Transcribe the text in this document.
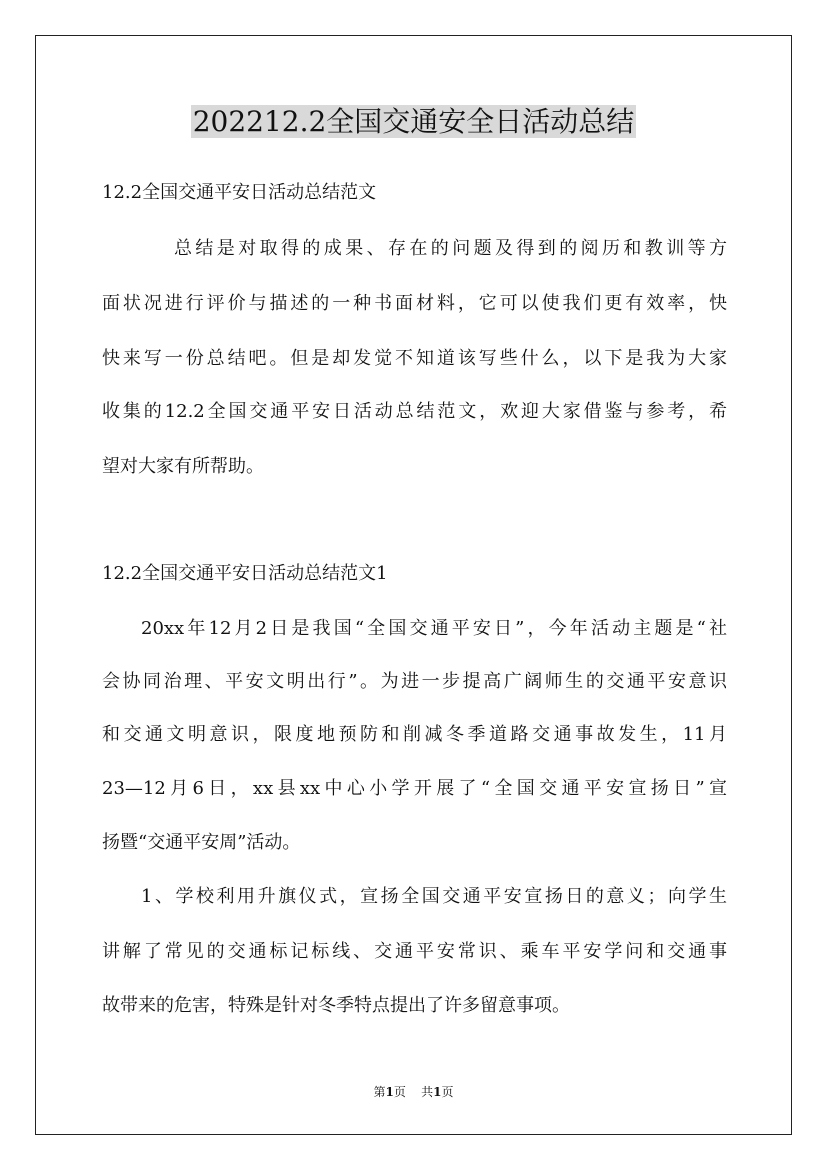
202212.2全国交通安全日活动总结
12.2全国交通平安日活动总结范文
总结是对取得的成果、存在的问题及得到的阅历和教训等方
面状况进行评价与描述的一种书面材料，它可以使我们更有效率，快
快来写一份总结吧。但是却发觉不知道该写些什么，以下是我为大家
收集的12.2全国交通平安日活动总结范文，欢迎大家借鉴与参考，希
望对大家有所帮助。
12.2全国交通平安日活动总结范文1
20xx年12月2日是我国“全国交通平安日”，今年活动主题是“社
会协同治理、平安文明出行”。为进一步提高广阔师生的交通平安意识
和交通文明意识，限度地预防和削减冬季道路交通事故发生，11月
23—12月6日，xx县xx中心小学开展了“全国交通平安宣扬日”宣
扬暨“交通平安周”活动。
1、学校利用升旗仪式，宣扬全国交通平安宣扬日的意义；向学生
讲解了常见的交通标记标线、交通平安常识、乘车平安学问和交通事
故带来的危害，特殊是针对冬季特点提出了许多留意事项。
第1页 共1页
